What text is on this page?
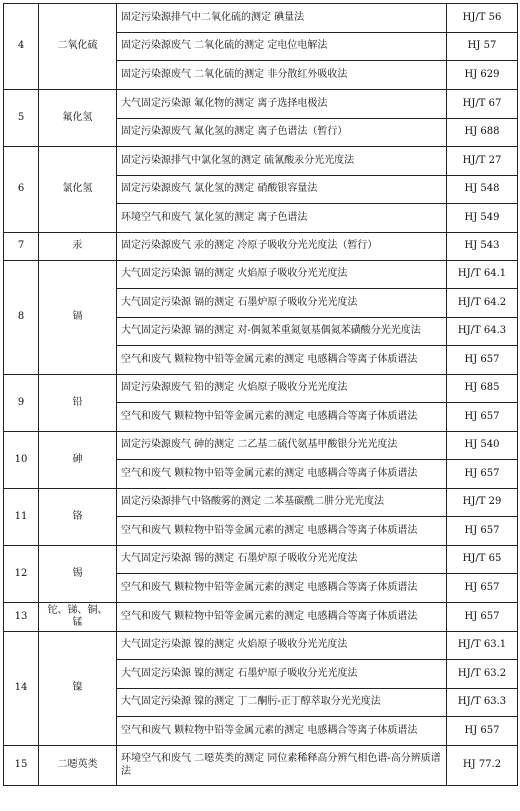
4	二氧化硫	固定污染源排气中二氧化硫的测定 碘量法	HJ/T 56
		固定污染源废气 二氧化硫的测定 定电位电解法	HJ 57
		固定污染源废气 二氧化硫的测定 非分散红外吸收法	HJ 629
5	氟化氢	大气固定污染源 氟化物的测定 离子选择电极法	HJ/T 67
		固定污染源废气 氟化氢的测定 离子色谱法（暂行）	HJ 688
6	氯化氢	固定污染源排气中氯化氢的测定 硫氰酸汞分光光度法	HJ/T 27
		固定污染源废气 氯化氢的测定 硝酸银容量法	HJ 548
		环境空气和废气 氯化氢的测定 离子色谱法	HJ 549
7	汞	固定污染源废气 汞的测定 冷原子吸收分光光度法（暂行）	HJ 543
8	镉	大气固定污染源 镉的测定 火焰原子吸收分光光度法	HJ/T 64.1
		大气固定污染源 镉的测定 石墨炉原子吸收分光光度法	HJ/T 64.2
		大气固定污染源 镉的测定 对-偶氮苯重氮氨基偶氮苯磺酸分光光度法	HJ/T 64.3
		空气和废气 颗粒物中铅等金属元素的测定 电感耦合等离子体质谱法	HJ 657
9	铅	固定污染源废气 铅的测定 火焰原子吸收分光光度法	HJ 685
		空气和废气 颗粒物中铅等金属元素的测定 电感耦合等离子体质谱法	HJ 657
10	砷	固定污染源废气 砷的测定 二乙基二硫代氨基甲酸银分光光度法	HJ 540
		空气和废气 颗粒物中铅等金属元素的测定 电感耦合等离子体质谱法	HJ 657
11	铬	固定污染源排气中铬酸雾的测定 二苯基碳酰二肼分光光度法	HJ/T 29
		空气和废气 颗粒物中铅等金属元素的测定 电感耦合等离子体质谱法	HJ 657
12	锡	大气固定污染源 锡的测定 石墨炉原子吸收分光光度法	HJ/T 65
		空气和废气 颗粒物中铅等金属元素的测定 电感耦合等离子体质谱法	HJ 657
13	铊、锑、铜、锰	空气和废气 颗粒物中铅等金属元素的测定 电感耦合等离子体质谱法	HJ 657
14	镍	大气固定污染源 镍的测定 火焰原子吸收分光光度法	HJ/T 63.1
		大气固定污染源 镍的测定 石墨炉原子吸收分光光度法	HJ/T 63.2
		大气固定污染源 镍的测定 丁二酮肟-正丁醇萃取分光光度法	HJ/T 63.3
		空气和废气 颗粒物中铅等金属元素的测定 电感耦合等离子体质谱法	HJ 657
15	二噁英类	环境空气和废气 二噁英类的测定 同位素稀释高分辨气相色谱-高分辨质谱法	HJ 77.2
